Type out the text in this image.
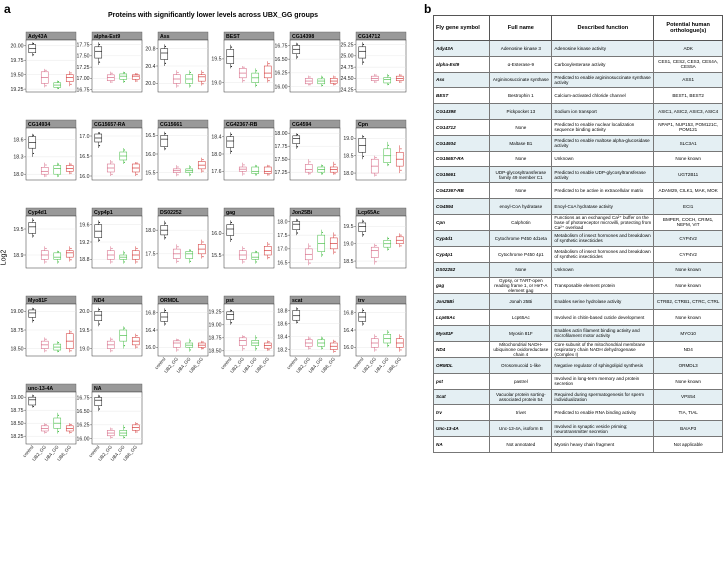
a	b
Proteins with significantly lower levels across UBX_GG groups
Log2
Ady43A
20.00
19.75
19.50
19.25
alpha-Est9
17.75
17.50
17.25
17.00
16.75
Ass
20.8
20.4
20.0
BEST
19.5
19.0
CG14398
16.75
16.50
16.25
16.00
CG14712
25.25
25.00
24.75
24.50
24.25
CG14934
18.6
18.3
18.0
CG15657-RA
17.0
16.5
16.0
CG15661
16.5
16.0
15.5
CG42367-RB
18.4
18.0
17.6
CG4594
18.00
17.75
17.50
17.25
Cpn
19.0
18.5
18.0
Cyp4d1
19.5
18.9
Cyp4p1
19.6
19.2
18.8
DS02252
18.0
17.5
gag
16.0
15.5
Jon25Bi
18.0
17.5
17.0
16.5
Lcp65Ac
19.5
19.0
18.5
Myo81F
19.00
18.75
18.50
ND4
20.0
19.5
19.0
ORMDL
16.8
16.4
16.0
control
UB2_GG
UB4_GG
UB6_GG
pst
19.25
19.00
18.75
18.50
control
UB2_GG
UB4_GG
UB6_GG
scat
18.8
18.6
18.4
18.2
control
UB2_GG
UB4_GG
UB6_GG
trv
16.8
16.4
16.0
control
UB2_GG
UB4_GG
UB6_GG
unc-13-4A
19.00
18.75
18.50
18.25
control
UB2_GG
UB4_GG
UB6_GG
NA
16.75
16.50
16.25
16.00
control
UB2_GG
UB4_GG
UB6_GG
Fly gene symbol	Full name	Described function	Potential human orthologue(s)
Ady43A	Adenosine kinase 3	Adenosine kinase activity	ADK
alpha-Est9	α-Esterase-9	Carboxylesterase activity	CES1, CES2, CES3, CES4A, CES5A
Ass	Argininosuccinate synthase	Predicted to enable argininosuccinate synthase activity	ASS1
BEST	Bestrophin 1	Calcium-activated chloride channel	BEST1, BEST2
CG14398	Pickpocket 13	Sodium ion transport	ASIC1, ASIC2, ASIC3, ASIC4
CG14712	None	Predicted to enable nuclear localization sequence binding activity	NPAP1, NUP153, POM121C, POM121
CG14934	Maltase B1	Predicted to enable maltose alpha-glucosidase activity	SLC3A1
CG15657-RA	None	Unknown	None known
CG15661	UDP-glycosyltransferase family 49 member C1	Predicted to enable UDP-glycosyltransferase activity	UGT2B11
CG42367-RB	None	Predicted to be active in extracellular matrix	ADAM29, CILK1, MAK, MOK
CG4594	enoyl-CoA hydratase	Enoyl-CoA hydratase activity	ECI1
Cpn	Calphotin	Functions as an exchanged Ca²⁺ buffer on the base of photoreceptor microvilli, protecting from Ca²⁺ overload	BMPER, COCH, CRIM1, NEFM, VIT
Cyp4d1	Cytochrome P450 4d1eta	Metabolism of insect hormones and breakdown of synthetic insecticides	CYP4V2
Cyp4p1	Cytochrome P450 4p1	Metabolism of insect hormones and breakdown of synthetic insecticides	CYP4V2
DS02252	None	Unknown	None known
gag	Gypsy, or TART-open reading frame 1, or HeT-A element gag	Transposable element protein	None known
Jon25Bi	Jonah 25Bi	Enables serine hydrolase activity	CTRB2, CTRB1, CTRC, CTRL
Lcp65Ac	Lcp65Ac	Involved in chitin-based cuticle development	None known
Myo81F	Myosin 81F	Enables actin filament binding activity and microfilament motor activity	MYO10
ND4	Mitochondrial NADH-ubiquinone oxidoreductase chain 4	Core subunit of the mitochondrial membrane respiratory chain NADH dehydrogenase (Complex I)	ND4
ORMDL	Orosomucoid 1-like	Negative regulator of sphingolipid synthesis	ORMDL3
pst	pastrel	Involved in long-term memory and protein secretion	None known
Scat	Vacuolar protein sorting-associated protein 54	Required during spermatogenesis for sperm individualization	VPS54
trv	trivet	Predicted to enable RNA binding activity	TIA, TIAL
Unc-13-4A	Unc-13-4A, isoform B	Involved in synaptic vesicle priming; neurotransmitter secretion	BAIAP3
NA	Not annotated	Myosin heavy chain fragment	Not applicable
